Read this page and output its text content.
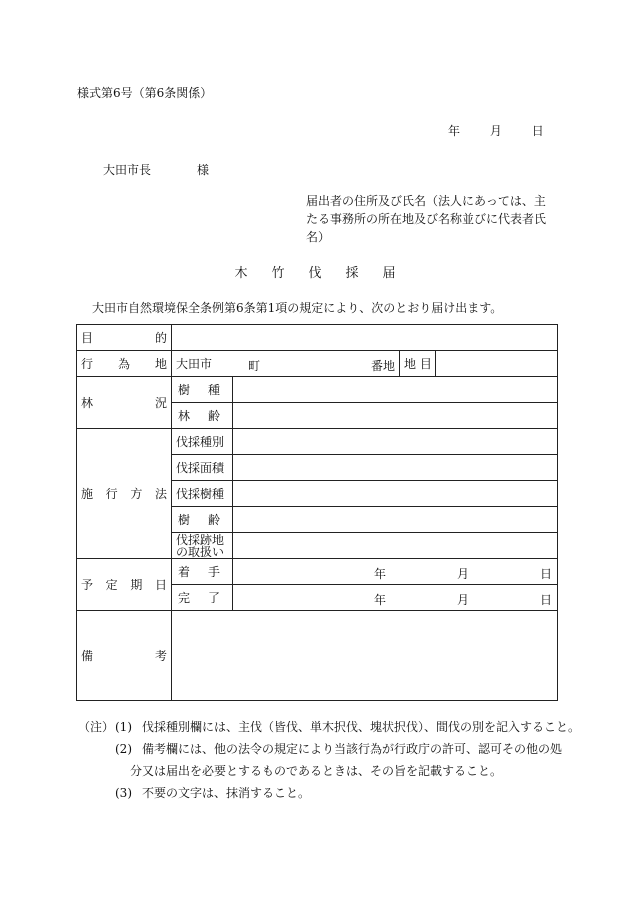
様式第6号（第6条関係）
年 月 日
大田市長	様
届出者の住所及び氏名（法人にあっては、主たる事務所の所在地及び名称並びに代表者氏名）
木 竹 伐 採 届
大田市自然環境保全条例第6条第1項の規定により、次のとおり届け出ます。
目 的				

行 為 地	大田市 町 番地		地 目	

林 況	樹 種			

	林 齢			

施 行 方 法	伐採種別			
	伐採面積			
	伐採樹種			

	樹 齢			

	伐採跡地の取扱い			

予 定 期 日	着 手	年 月 日		

	完 了	年 月 日		

備 考				

（注） (1) 伐採種別欄には、主伐（皆伐、単木択伐、塊状択伐）、間伐の別を記入すること。
(2) 備考欄には、他の法令の規定により当該行為が行政庁の許可、認可その他の処

分又は届出を必要とするものであるときは、その旨を記載すること。

(3) 不要の文字は、抹消すること。
